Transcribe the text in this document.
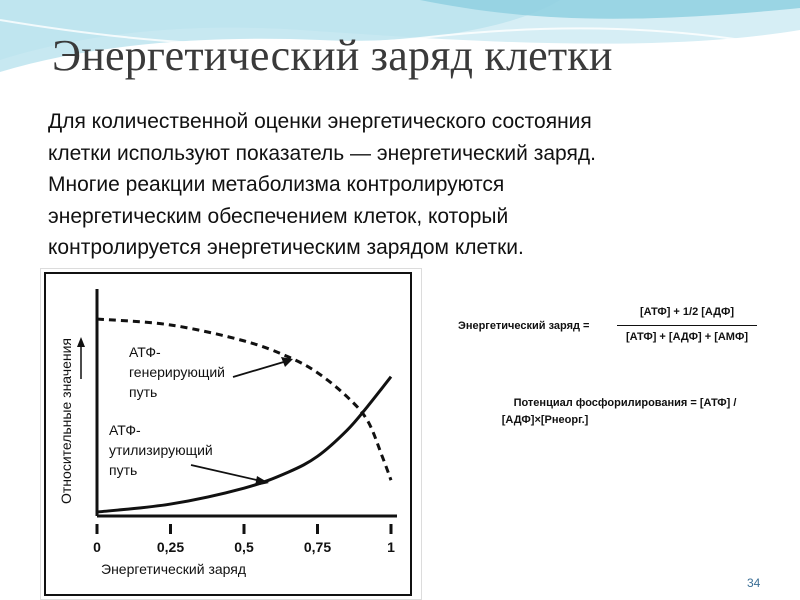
Энергетический заряд клетки
Для количественной оценки энергетического состояния
клетки используют показатель — энергетический заряд.
Многие реакции метаболизма контролируются
энергетическим обеспечением клеток, который
контролируется энергетическим зарядом клетки.
0	0,25	0,5	0,75	1
Относительные значения	АТФ- генерирующий путь
АТФ- утилизирующий путь
Энергетический заряд
Энергетический заряд =
[АТФ] + 1/2 [АДФ]
[АТФ] + [АДФ] + [АМФ]
Потенциал фосфорилирования = [АТФ] /
[АДФ]×[Рнеорг.]
34
